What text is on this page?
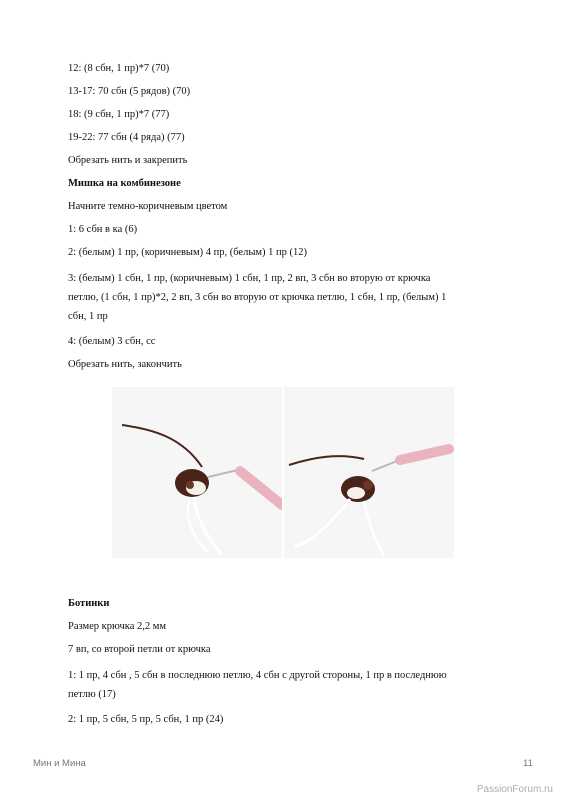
12: (8 сбн, 1 пр)*7 (70)

13-17: 70 сбн (5 рядов) (70)

18: (9 сбн, 1 пр)*7 (77)

19-22: 77 сбн (4 ряда) (77)

Обрезать нить и закрепить

Мишка на комбинезоне

Начните темно-коричневым цветом

1: 6 сбн в ка (6)

2: (белым) 1 пр, (коричневым) 4 пр, (белым) 1 пр (12)

3: (белым) 1 сбн, 1 пр, (коричневым) 1 сбн, 1 пр, 2 вп, 3 сбн во вторую от крючка

петлю, (1 сбн, 1 пр)*2, 2 вп, 3 сбн во вторую от крючка петлю, 1 сбн, 1 пр, (белым) 1

сбн, 1 пр

4: (белым) 3 сбн, сс

Обрезать нить, закончить

Ботинки

Размер крючка 2,2 мм

7 вп, со второй петли от крючка

1: 1 пр, 4 сбн , 5 сбн в последнюю петлю, 4 сбн с другой стороны, 1 пр в последнюю

петлю (17)

2: 1 пр, 5 сбн, 5 пр, 5 сбн, 1 пр (24)

Мин и Мина	11
PassionForum.ru
